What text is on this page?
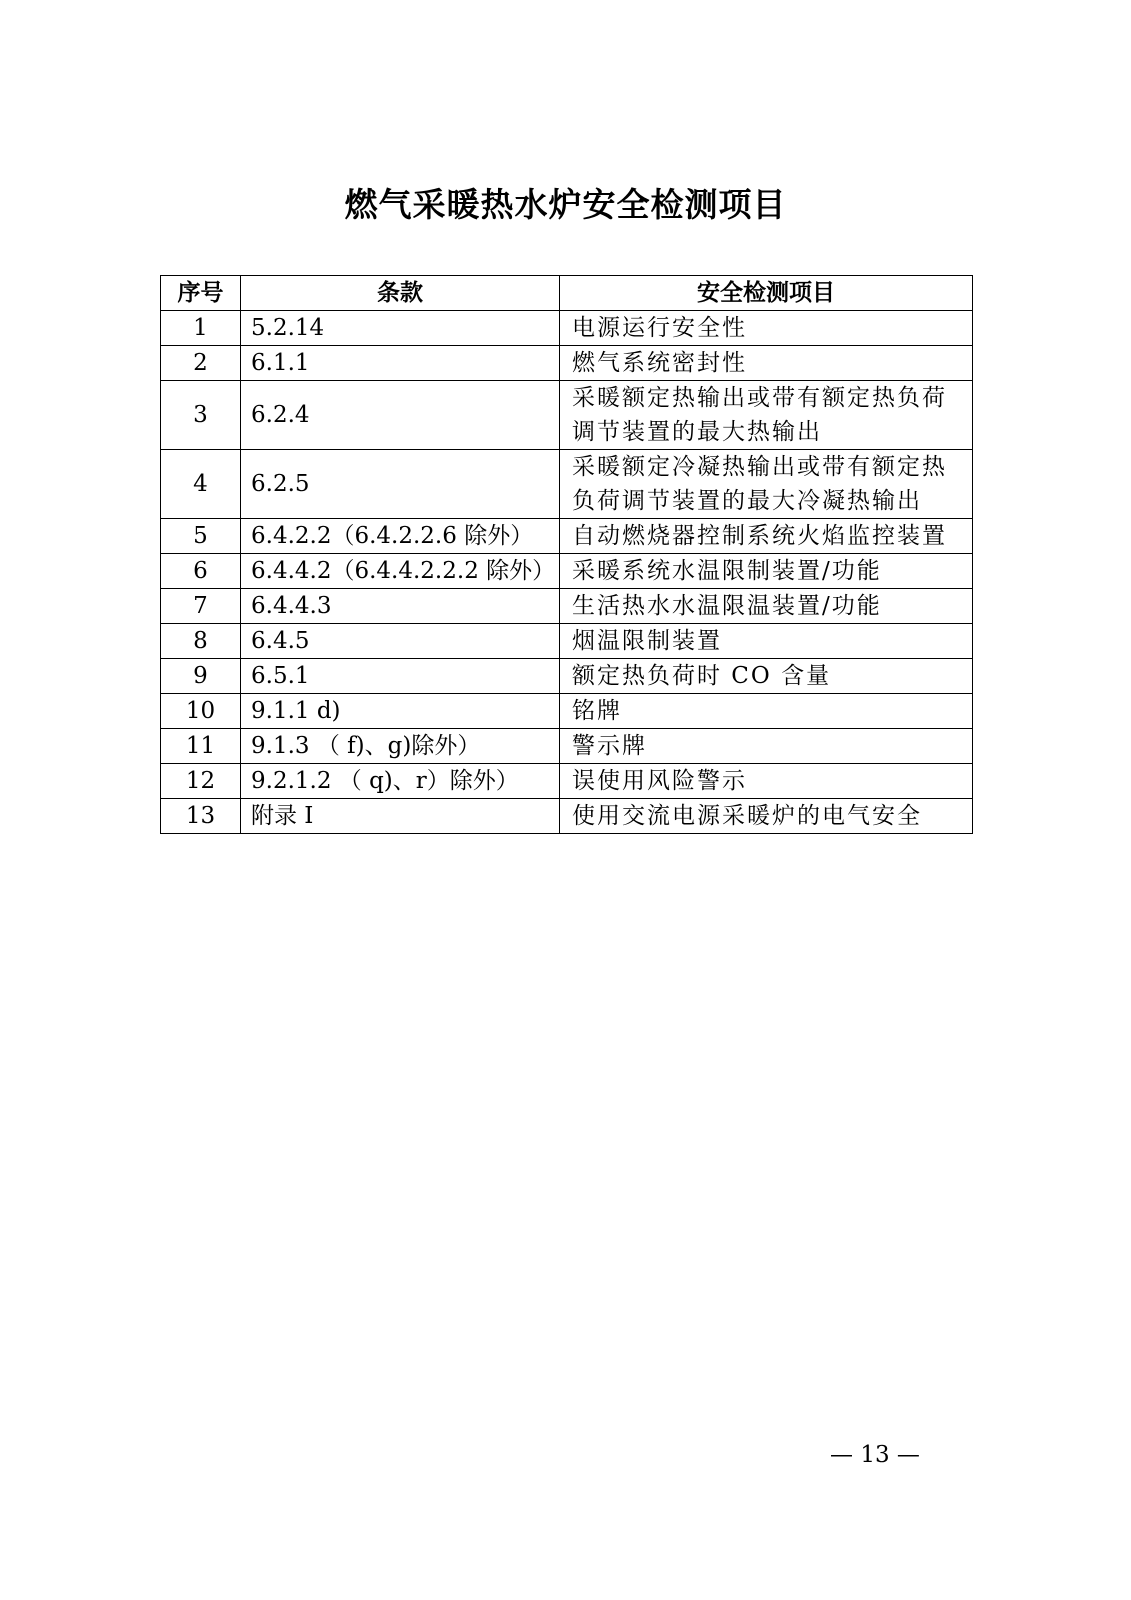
燃气采暖热水炉安全检测项目
序号	条款	安全检测项目
1	5.2.14	电源运行安全性
2	6.1.1	燃气系统密封性
3	6.2.4	采暖额定热输出或带有额定热负荷调节装置的最大热输出
4	6.2.5	采暖额定冷凝热输出或带有额定热负荷调节装置的最大冷凝热输出
5	6.4.2.2（6.4.2.2.6 除外）	自动燃烧器控制系统火焰监控装置
6	6.4.4.2（6.4.4.2.2.2 除外）	采暖系统水温限制装置/功能
7	6.4.4.3	生活热水水温限温装置/功能
8	6.4.5	烟温限制装置
9	6.5.1	额定热负荷时 CO 含量
10	9.1.1 d)	铭牌
11	9.1.3 （ f)、g)除外）	警示牌
12	9.2.1.2 （ q)、r）除外）	误使用风险警示
13	附录 I	使用交流电源采暖炉的电气安全
— 13 —
